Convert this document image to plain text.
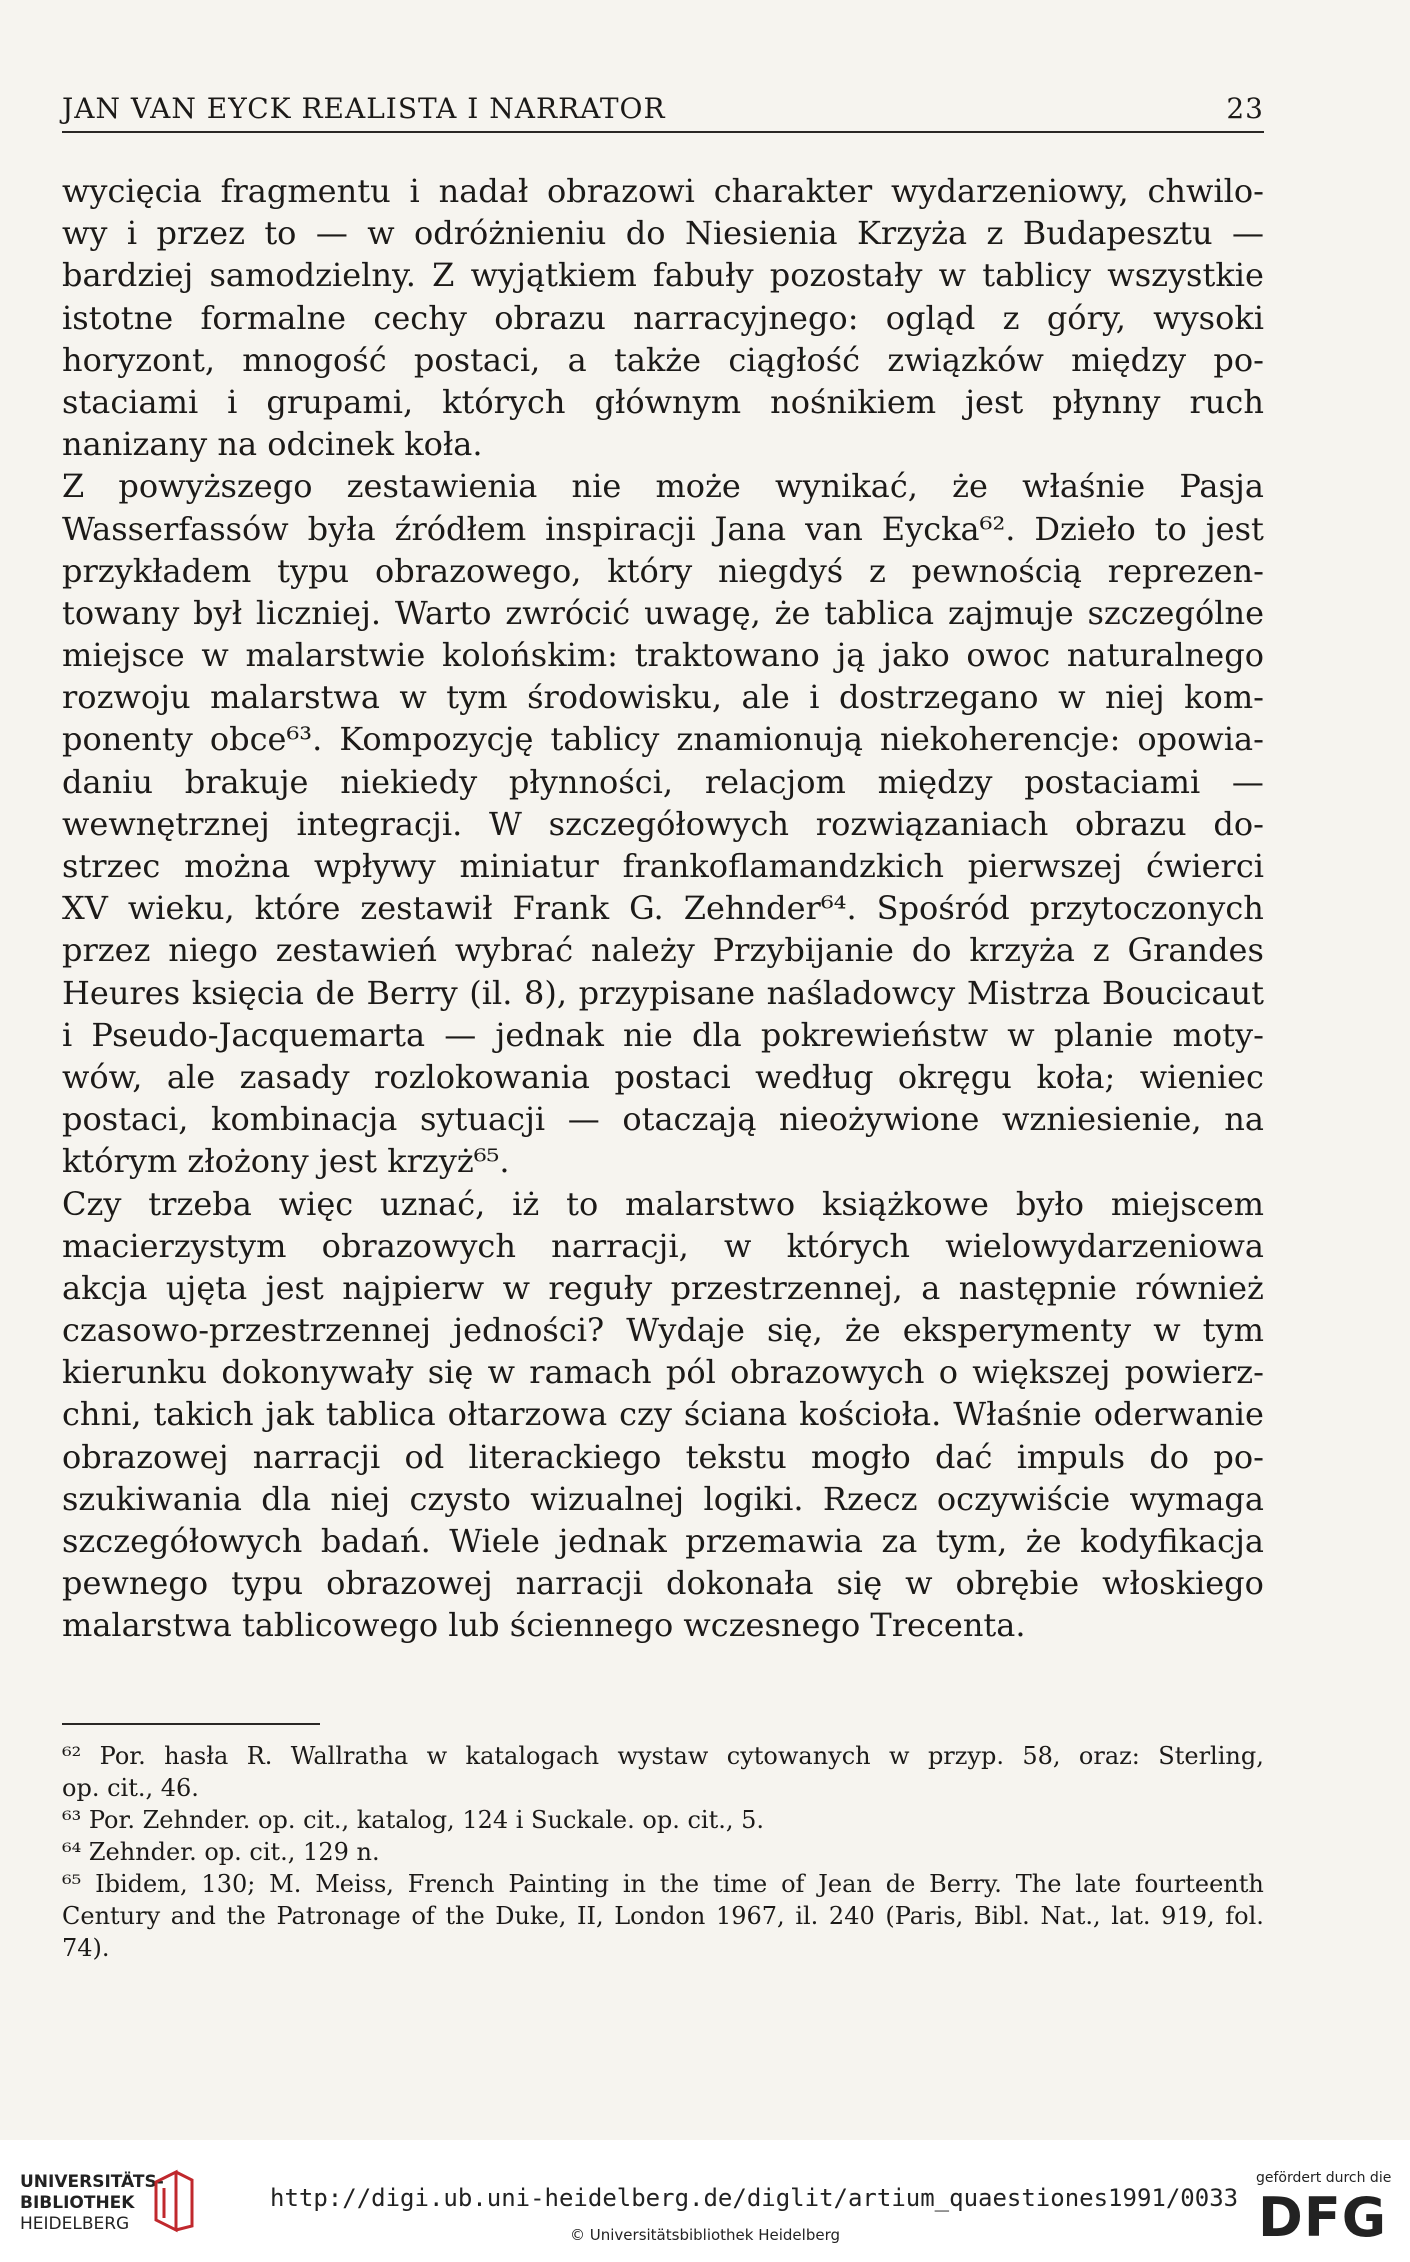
JAN VAN EYCK REALISTA I NARRATOR	23
wycięcia fragmentu i nadał obrazowi charakter wydarzeniowy, chwilo-
wy i przez to — w odróżnieniu do Niesienia Krzyża z Budapesztu —
bardziej samodzielny. Z wyjątkiem fabuły pozostały w tablicy wszystkie
istotne formalne cechy obrazu narracyjnego: ogląd z góry, wysoki
horyzont, mnogość postaci, a także ciągłość związków między po-
staciami i grupami, których głównym nośnikiem jest płynny ruch
nanizany na odcinek koła.
Z powyższego zestawienia nie może wynikać, że właśnie Pasja
Wasserfassów była źródłem inspiracji Jana van Eycka⁶². Dzieło to jest
przykładem typu obrazowego, który niegdyś z pewnością reprezen-
towany był liczniej. Warto zwrócić uwagę, że tablica zajmuje szczególne
miejsce w malarstwie kolońskim: traktowano ją jako owoc naturalnego
rozwoju malarstwa w tym środowisku, ale i dostrzegano w niej kom-
ponenty obce⁶³. Kompozycję tablicy znamionują niekoherencje: opowia-
daniu brakuje niekiedy płynności, relacjom między postaciami —
wewnętrznej integracji. W szczegółowych rozwiązaniach obrazu do-
strzec można wpływy miniatur frankoflamandzkich pierwszej ćwierci
XV wieku, które zestawił Frank G. Zehnder⁶⁴. Spośród przytoczonych
przez niego zestawień wybrać należy Przybijanie do krzyża z Grandes
Heures księcia de Berry (il. 8), przypisane naśladowcy Mistrza Boucicaut
i Pseudo-Jacquemarta — jednak nie dla pokrewieństw w planie moty-
wów, ale zasady rozlokowania postaci według okręgu koła; wieniec
postaci, kombinacja sytuacji — otaczają nieożywione wzniesienie, na
którym złożony jest krzyż⁶⁵.
Czy trzeba więc uznać, iż to malarstwo książkowe było miejscem
macierzystym obrazowych narracji, w których wielowydarzeniowa
akcja ujęta jest najpierw w reguły przestrzennej, a następnie również
czasowo-przestrzennej jedności? Wydaje się, że eksperymenty w tym
kierunku dokonywały się w ramach pól obrazowych o większej powierz-
chni, takich jak tablica ołtarzowa czy ściana kościoła. Właśnie oderwanie
obrazowej narracji od literackiego tekstu mogło dać impuls do po-
szukiwania dla niej czysto wizualnej logiki. Rzecz oczywiście wymaga
szczegółowych badań. Wiele jednak przemawia za tym, że kodyfikacja
pewnego typu obrazowej narracji dokonała się w obrębie włoskiego
malarstwa tablicowego lub ściennego wczesnego Trecenta.
⁶² Por. hasła R. Wallratha w katalogach wystaw cytowanych w przyp. 58, oraz: Sterling,
op. cit., 46.
⁶³ Por. Zehnder. op. cit., katalog, 124 i Suckale. op. cit., 5.
⁶⁴ Zehnder. op. cit., 129 n.
⁶⁵ Ibidem, 130; M. Meiss, French Painting in the time of Jean de Berry. The late fourteenth
Century and the Patronage of the Duke, II, London 1967, il. 240 (Paris, Bibl. Nat., lat. 919, fol.
74).
UNIVERSITÄTS-
BIBLIOTHEK
HEIDELBERG
http://digi.ub.uni-heidelberg.de/diglit/artium_quaestiones1991/0033
© Universitätsbibliothek Heidelberg
gefördert durch die
DFG
